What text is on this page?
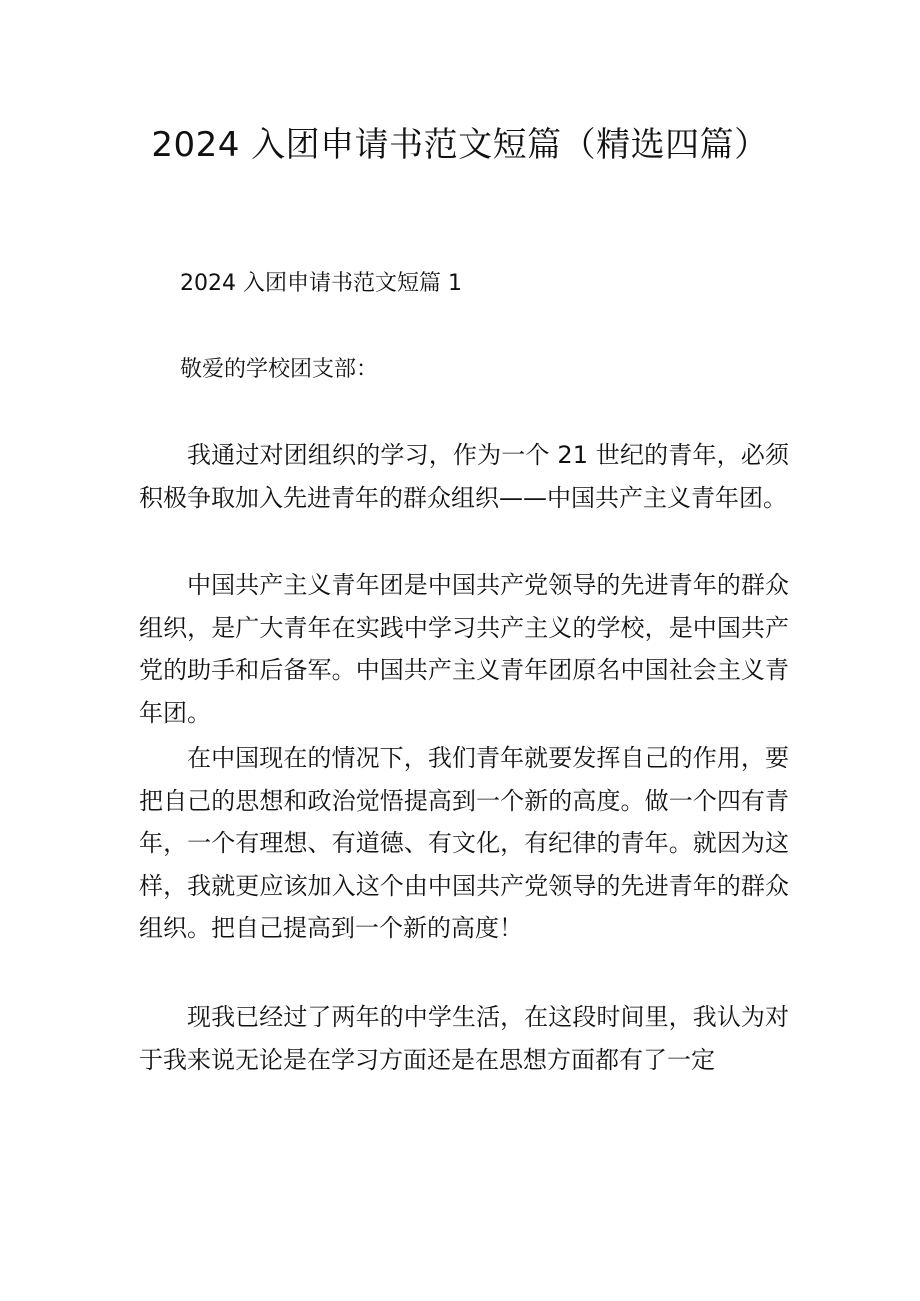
2024 入团申请书范文短篇（精选四篇）
2024 入团申请书范文短篇 1

敬爱的学校团支部：

我通过对团组织的学习，作为一个 21 世纪的青年，必须积极争取加入先进青年的群众组织——中国共产主义青年团。

中国共产主义青年团是中国共产党领导的先进青年的群众组织，是广大青年在实践中学习共产主义的学校，是中国共产党的助手和后备军。中国共产主义青年团原名中国社会主义青年团。

在中国现在的情况下，我们青年就要发挥自己的作用，要把自己的思想和政治觉悟提高到一个新的高度。做一个四有青年，一个有理想、有道德、有文化，有纪律的青年。就因为这样，我就更应该加入这个由中国共产党领导的先进青年的群众组织。把自己提高到一个新的高度！

现我已经过了两年的中学生活，在这段时间里，我认为对于我来说无论是在学习方面还是在思想方面都有了一定
